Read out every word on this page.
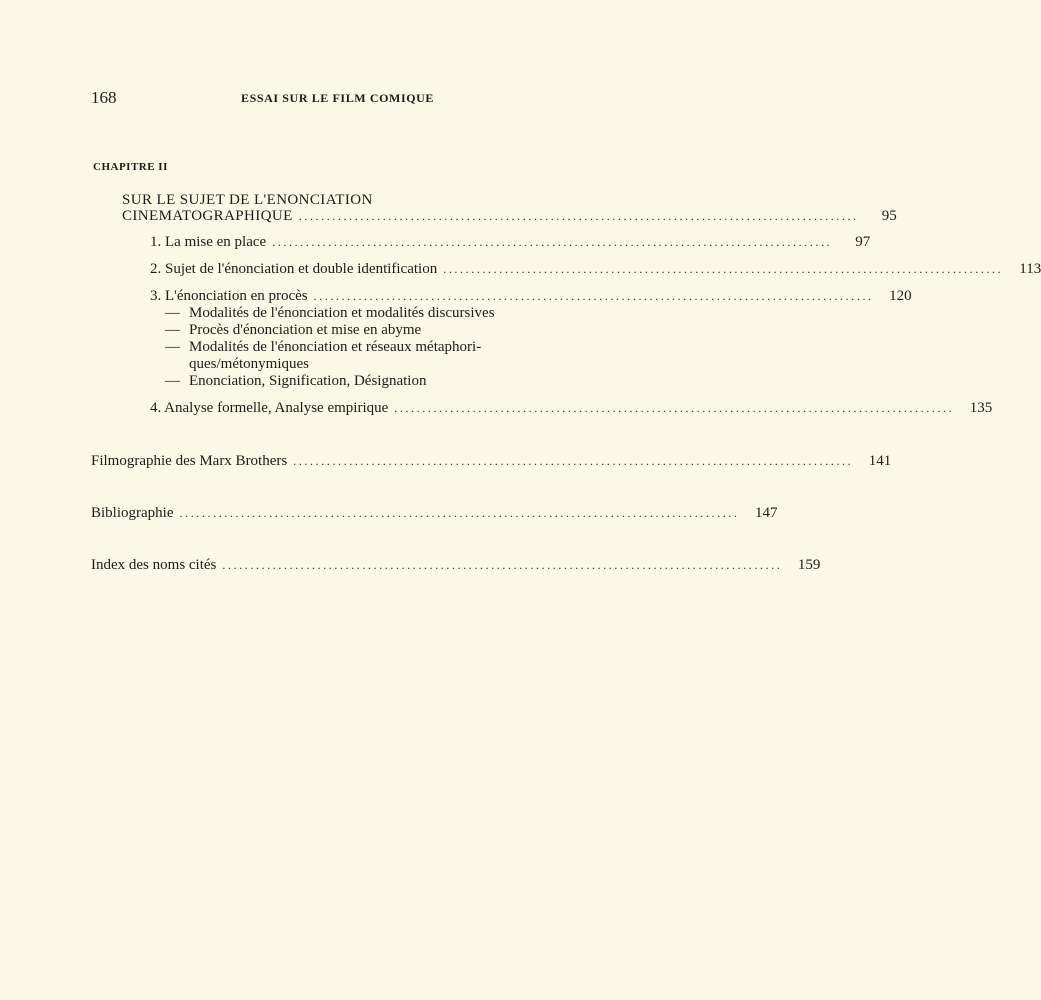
168	ESSAI SUR LE FILM COMIQUE
CHAPITRE II
SUR LE SUJET DE L'ENONCIATION
CINEMATOGRAPHIQUE ....................................................................................................	95
1. La mise en place ....................................................................................................	97
2. Sujet de l'énonciation et double identification ....................................................................................................	113
3. L'énonciation en procès ....................................................................................................	120
— Modalités de l'énonciation et modalités discursives
— Procès d'énonciation et mise en abyme
— Modalités de l'énonciation et réseaux métaphori-
ques/métonymiques
— Enonciation, Signification, Désignation
4. Analyse formelle, Analyse empirique ....................................................................................................	135
Filmographie des Marx Brothers ....................................................................................................	141
Bibliographie ....................................................................................................	147
Index des noms cités ....................................................................................................	159
